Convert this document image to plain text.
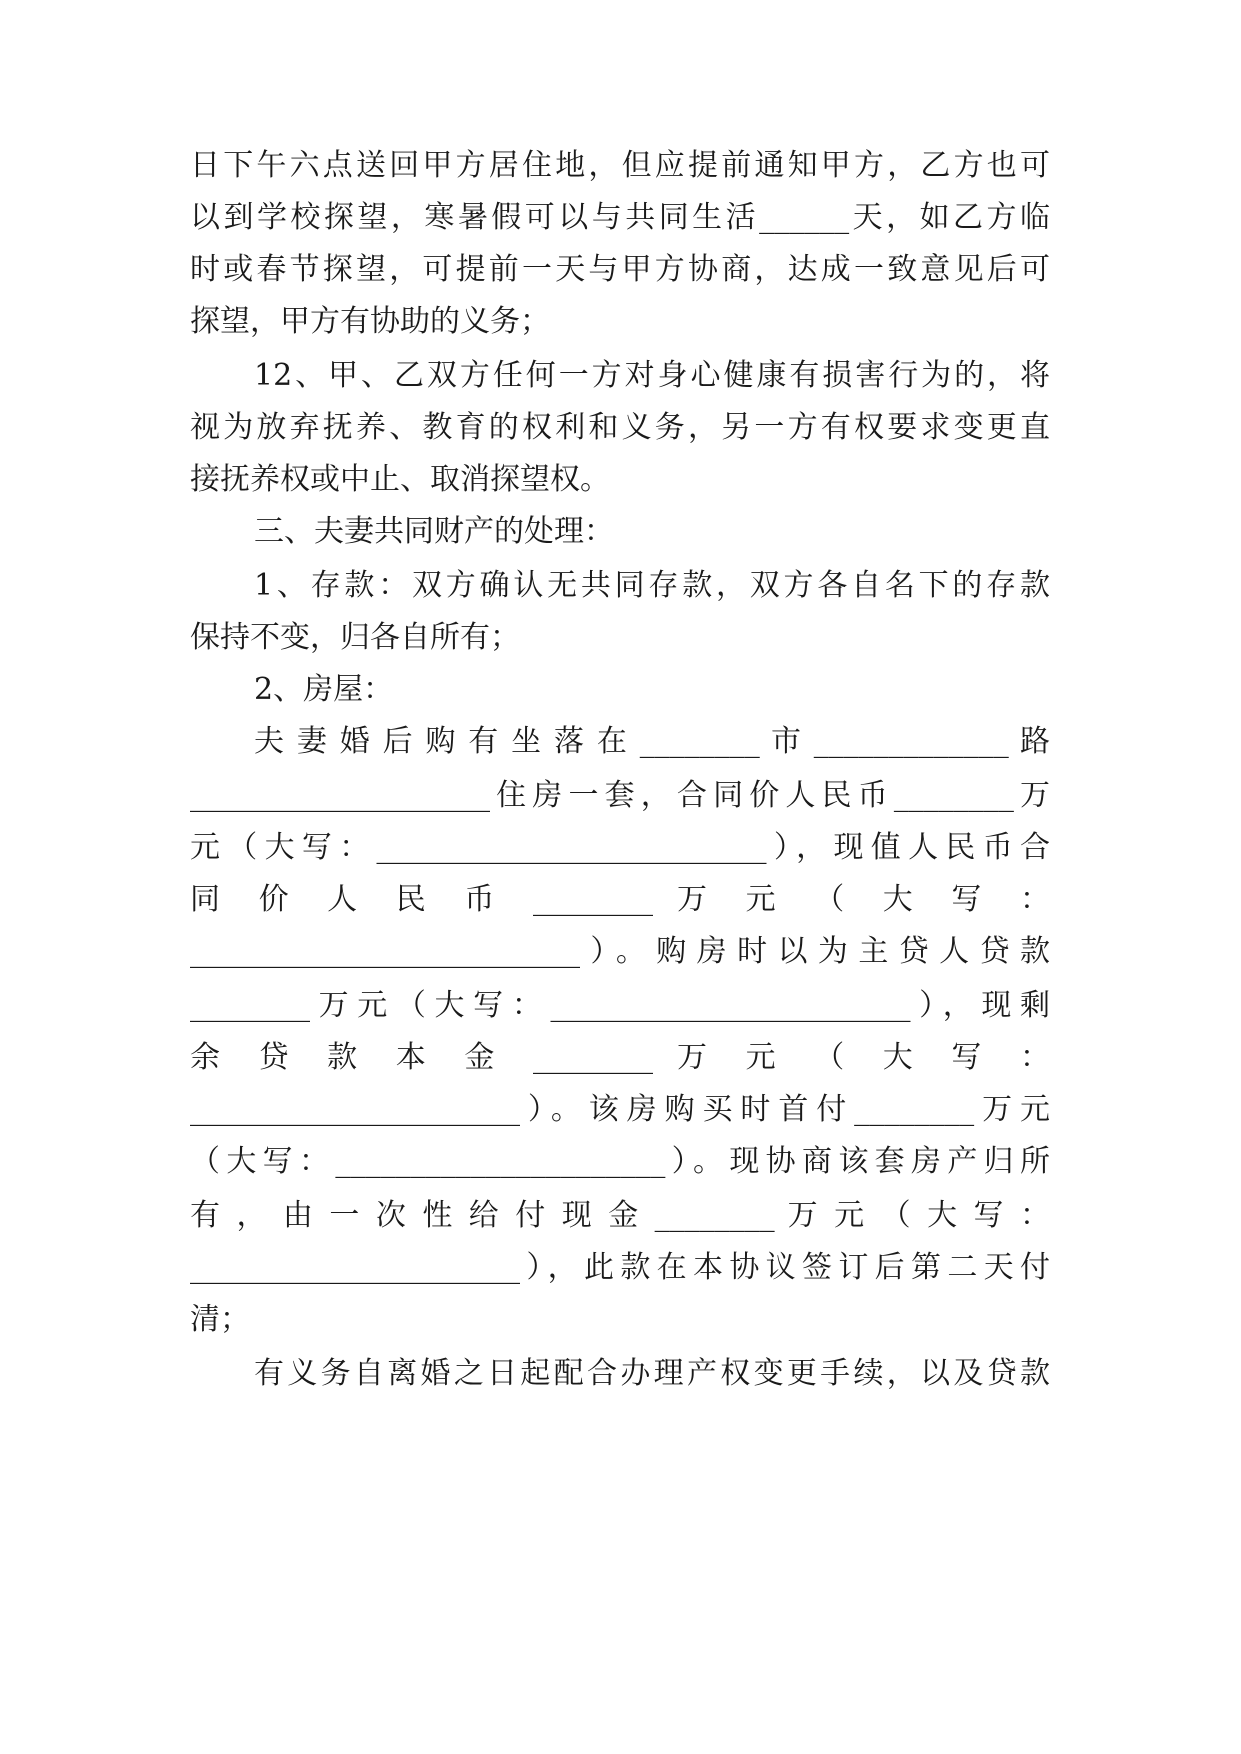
日下午六点送回甲方居住地，但应提前通知甲方，乙方也可
以到学校探望，寒暑假可以与共同生活______天，如乙方临
时或春节探望，可提前一天与甲方协商，达成一致意见后可
探望，甲方有协助的义务；
12、甲、乙双方任何一方对身心健康有损害行为的，将
视为放弃抚养、教育的权利和义务，另一方有权要求变更直
接抚养权或中止、取消探望权。
三、夫妻共同财产的处理：
1、存款：双方确认无共同存款，双方各自名下的存款
保持不变，归各自所有；
2、房屋：
夫 妻 婚 后 购 有 坐 落 在 ________ 市 _____________ 路
____________________住房一套，合同价人民币________万
元（大写：__________________________），现值人民币合
同 价 人 民 币 ________ 万 元 （ 大 写 ：
__________________________）。购房时以为主贷人贷款
________万元（大写：________________________），现剩
余 贷 款 本 金 ________ 万 元 （ 大 写 ：
______________________）。该房购买时首付________万元
（大写：______________________）。现协商该套房产归所
有 ， 由 一 次 性 给 付 现 金 ________ 万 元 （ 大 写 ：
______________________），此款在本协议签订后第二天付
清；
有义务自离婚之日起配合办理产权变更手续，以及贷款
